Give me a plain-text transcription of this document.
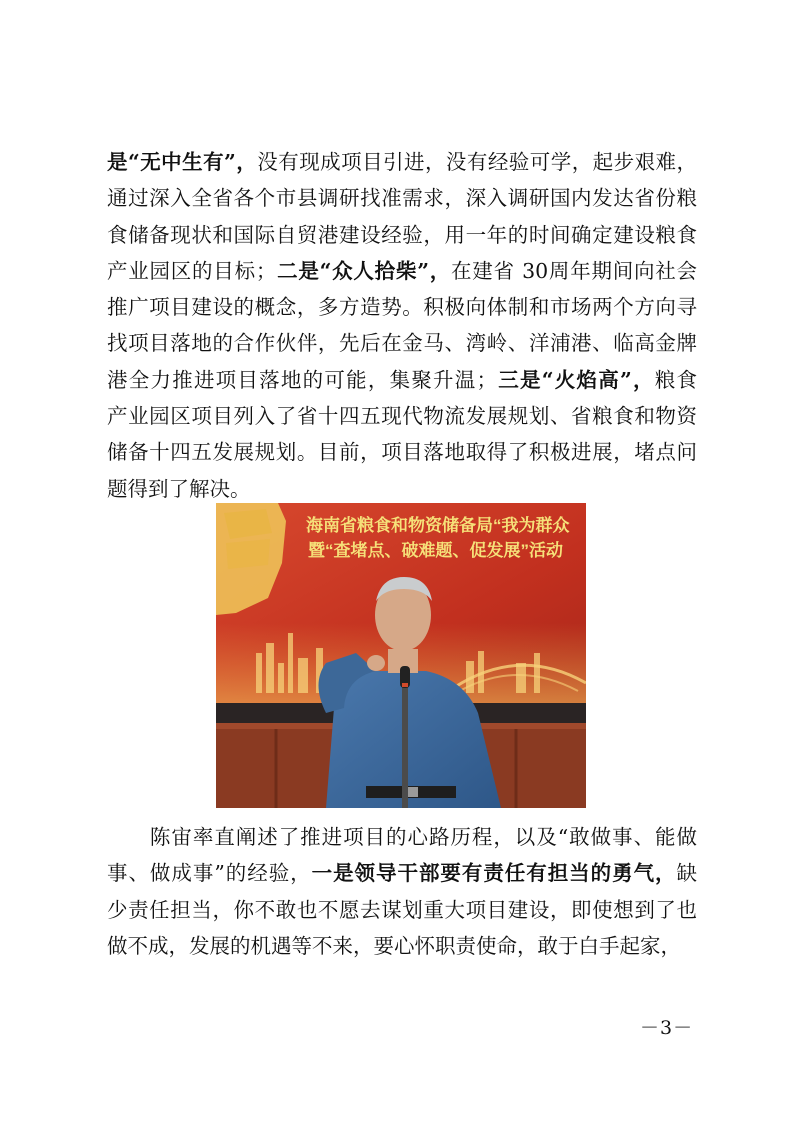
是“无中生有”，没有现成项目引进，没有经验可学，起步艰难，
通过深入全省各个市县调研找准需求，深入调研国内发达省份粮
食储备现状和国际自贸港建设经验，用一年的时间确定建设粮食
产业园区的目标；二是“众人拾柴”，在建省 30周年期间向社会
推广项目建设的概念，多方造势。积极向体制和市场两个方向寻
找项目落地的合作伙伴，先后在金马、湾岭、洋浦港、临高金牌
港全力推进项目落地的可能，集聚升温；三是“火焰高”，粮食
产业园区项目列入了省十四五现代物流发展规划、省粮食和物资
储备十四五发展规划。目前，项目落地取得了积极进展，堵点问
题得到了解决。
海南省粮食和物资储备局“我为群众
暨“查堵点、破难题、促发展”活动
　　陈宙率直阐述了推进项目的心路历程，以及“敢做事、能做
事、做成事”的经验，一是领导干部要有责任有担当的勇气，缺
少责任担当，你不敢也不愿去谋划重大项目建设，即使想到了也
做不成，发展的机遇等不来，要心怀职责使命，敢于白手起家，
－3－
